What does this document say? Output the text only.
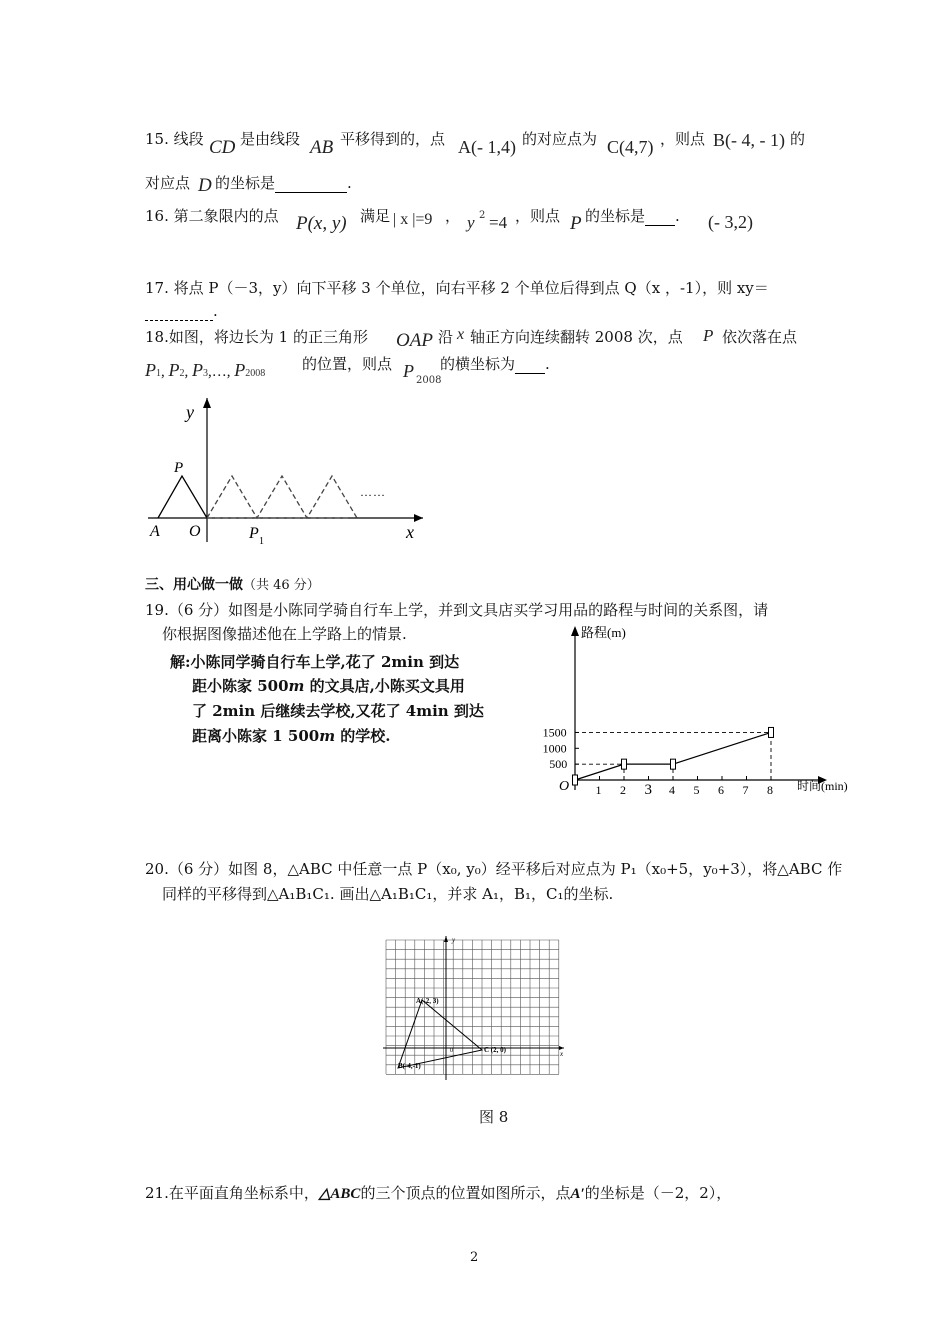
15. 线段 CD 是由线段 AB 平移得到的，点 A(- 1,4) 的对应点为 C(4,7) ，则点 B(- 4, - 1) 的
对应点 D 的坐标是	.
16. 第二象限内的点 P(x, y) 满足 | x |=9 ， y 2 =4 ，则点 P 的坐标是 . (- 3,2)
17. 将点 P（－3，y）向下平移 3 个单位，向右平移 2 个单位后得到点 Q（x ，-1），则 xy＝
.
18.如图，将边长为 1 的正三角形 OAP 沿 x 轴正方向连续翻转 2008 次，点 P 依次落在点
P1, P2, P3,…, P2008
的位置，则点 P 2008
的横坐标为 .
y
P
A O	P 1	x
……
三、用心做一做（共 46 分）
19.（6 分）如图是小陈同学骑自行车上学，并到文具店买学习用品的路程与时间的关系图，请
你根据图像描述他在上学路上的情景.
解:小陈同学骑自行车上学,花了 2min 到达
距小陈家 500m 的文具店,小陈买文具用
了 2min 后继续去学校,又花了 4min 到达
距离小陈家 1 500m 的学校.
1 2 3 4 5 6 7 8
500
1000
1500
路程(m)
时间(min)
O
20.（6 分）如图 8，△ABC 中任意一点 P（x₀, y₀）经平移后对应点为 P₁（x₀+5，y₀+3），将△ABC 作
同样的平移得到△A₁B₁C₁. 画出△A₁B₁C₁，并求 A₁，B₁，C₁的坐标.
A(-2, 3)
B(-4,-1)
C (2, 0)
0	x
y
图 8
21.在平面直角坐标系中，△ABC的三个顶点的位置如图所示，点A′的坐标是（－2，2），
2
